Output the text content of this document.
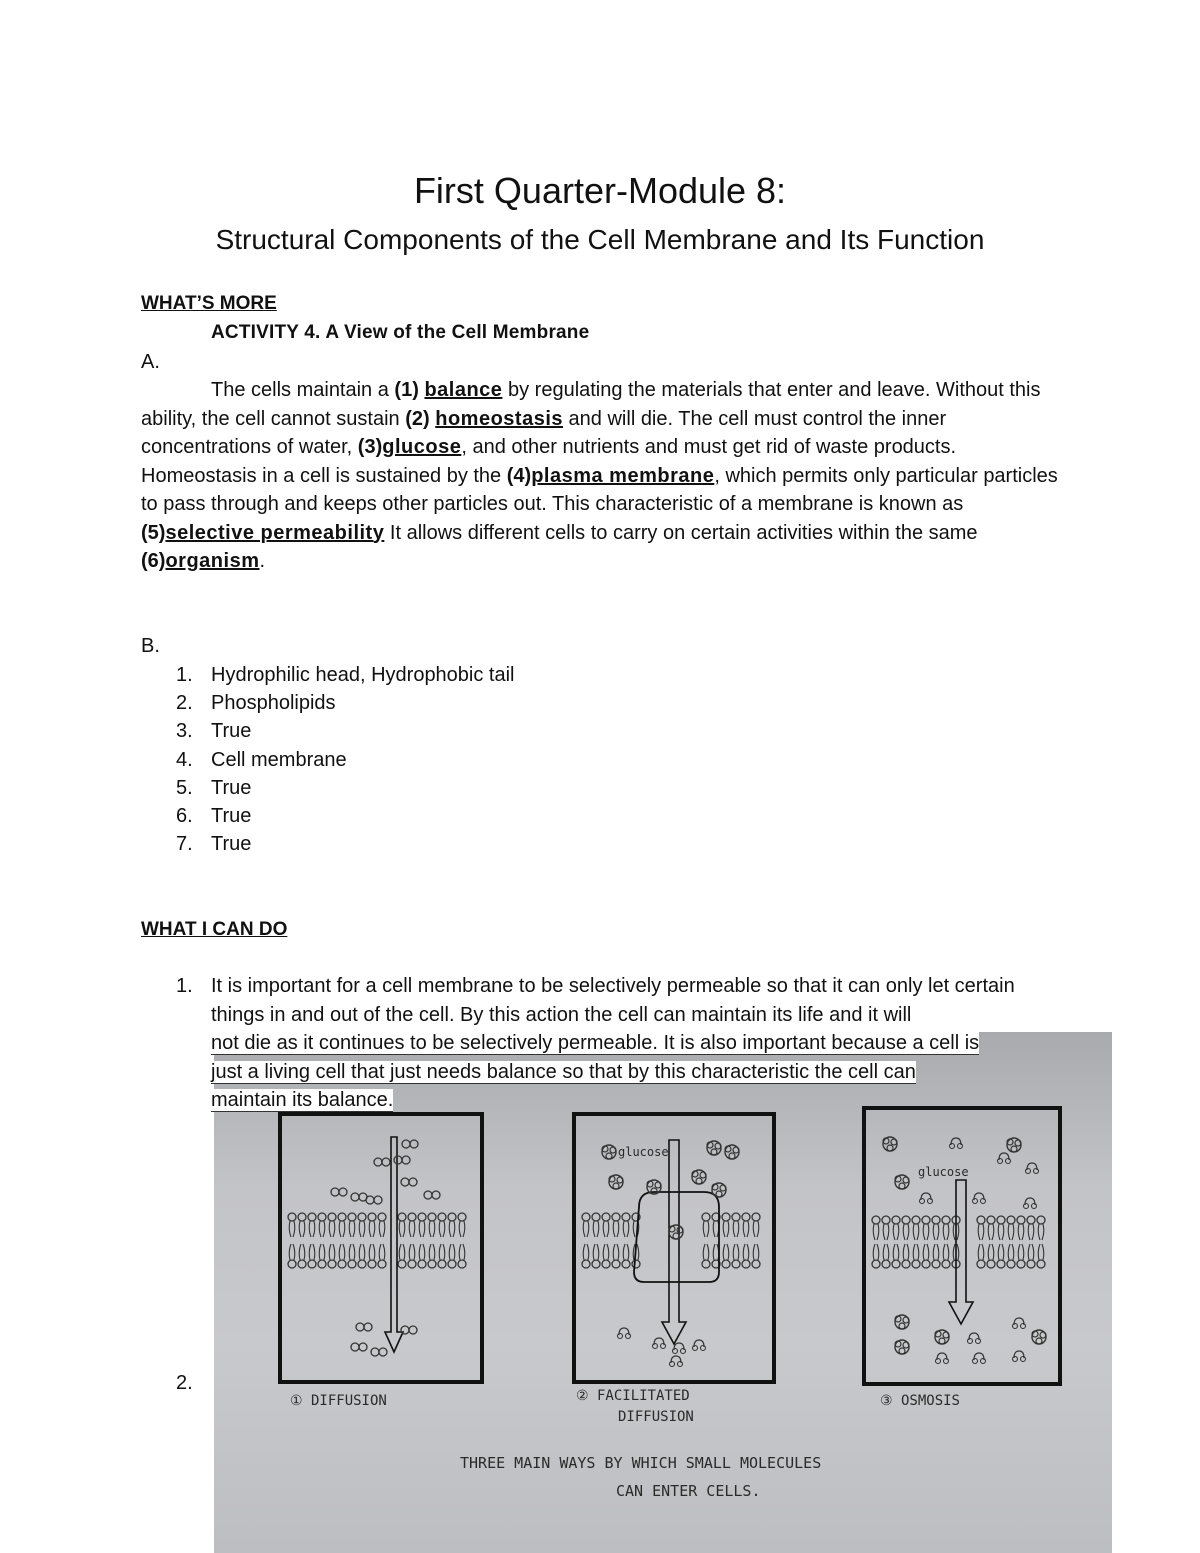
First Quarter-Module 8:
Structural Components of the Cell Membrane and Its Function
WHAT’S MORE
ACTIVITY 4. A View of the Cell Membrane
A.
The cells maintain a (1) balance by regulating the materials that enter and leave. Without this ability, the cell cannot sustain (2) homeostasis and will die. The cell must control the inner concentrations of water, (3)glucose, and other nutrients and must get rid of waste products. Homeostasis in a cell is sustained by the (4)plasma membrane, which permits only particular particles to pass through and keeps other particles out. This characteristic of a membrane is known as (5)selective permeability It allows different cells to carry on certain activities within the same (6)organism.
B.
1. Hydrophilic head, Hydrophobic tail
2. Phospholipids
3. True
4. Cell membrane
5. True
6. True
7. True
WHAT I CAN DO
glucose
glucose
① DIFFUSION	② FACILITATED
DIFFUSION
③ OSMOSIS
THREE MAIN WAYS BY WHICH SMALL MOLECULES
CAN ENTER CELLS.
1. It is important for a cell membrane to be selectively permeable so that it can only let certain things in and out of the cell. By this action the cell can maintain its life and it will
not die as it continues to be selectively permeable. It is also important because a cell is
just a living cell that just needs balance so that by this characteristic the cell can
maintain its balance.
2.
